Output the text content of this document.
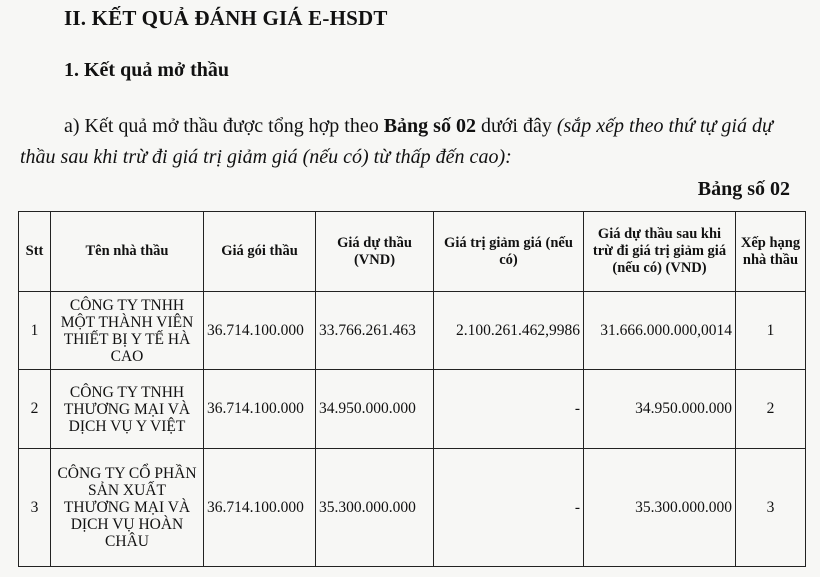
II. KẾT QUẢ ĐÁNH GIÁ E-HSDT
1. Kết quả mở thầu
a) Kết quả mở thầu được tổng hợp theo Bảng số 02 dưới đây (sắp xếp theo thứ tự giá dự thầu sau khi trừ đi giá trị giảm giá (nếu có) từ thấp đến cao):
Bảng số 02
Stt	Tên nhà thầu	Giá gói thầu	Giá dự thầu (VND)	Giá trị giảm giá (nếu có)	Giá dự thầu sau khi trừ đi giá trị giảm giá (nếu có) (VND)	Xếp hạng nhà thầu
1	CÔNG TY TNHH MỘT THÀNH VIÊN THIẾT BỊ Y TẾ HÀ CAO	36.714.100.000	33.766.261.463	2.100.261.462,9986	31.666.000.000,0014	1
2	CÔNG TY TNHH THƯƠNG MẠI VÀ DỊCH VỤ Y VIỆT	36.714.100.000	34.950.000.000	-	34.950.000.000	2
3	CÔNG TY CỔ PHẦN SẢN XUẤT THƯƠNG MẠI VÀ DỊCH VỤ HOÀN CHÂU	36.714.100.000	35.300.000.000	-	35.300.000.000	3
